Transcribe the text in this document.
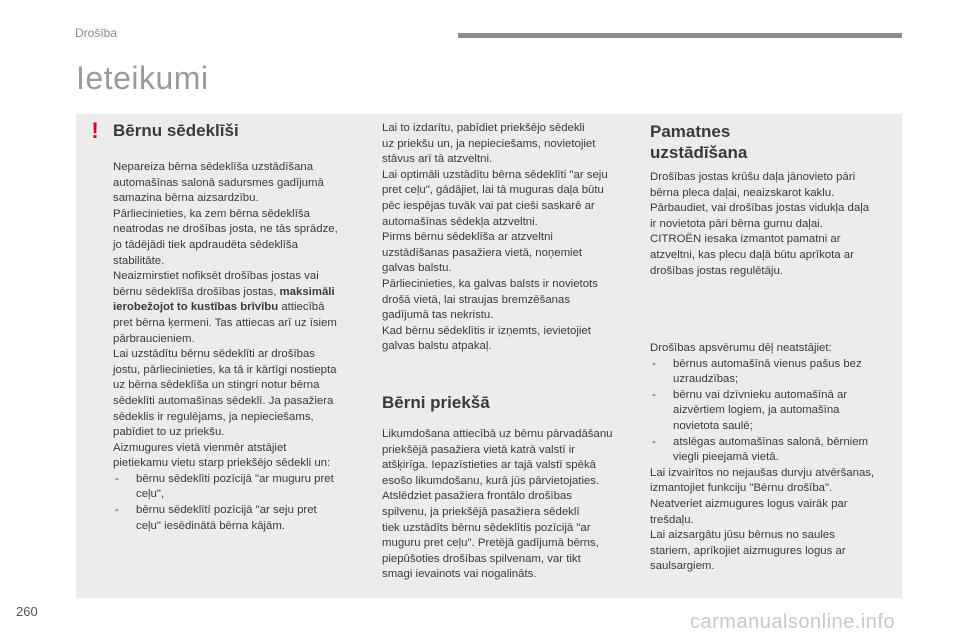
Drošība
Ieteikumi
! Bērnu sēdeklīši
Nepareiza bērna sēdeklīša uzstādīšana
automašīnas salonā sadursmes gadījumā
samazina bērna aizsardzību.
Pārliecinieties, ka zem bērna sēdeklīša
neatrodas ne drošības josta, ne tās sprādze,
jo tādējādi tiek apdraudēta sēdeklīša
stabilitāte.
Neaizmirstiet nofiksēt drošības jostas vai
bērnu sēdeklīša drošības jostas, maksimāli
ierobežojot to kustības brīvību attiecībā
pret bērna ķermeni. Tas attiecas arī uz īsiem
pārbraucieniem.
Lai uzstādītu bērnu sēdeklīti ar drošības
jostu, pārliecinieties, ka tā ir kārtīgi nostiepta
uz bērna sēdeklīša un stingri notur bērna
sēdeklīti automašīnas sēdeklī. Ja pasažiera
sēdeklis ir regulējams, ja nepieciešams,
pabīdiet to uz priekšu.
Aizmugures vietā vienmēr atstājiet
pietiekamu vietu starp priekšējo sēdekli un:
- bērnu sēdeklīti pozīcijā "ar muguru pret
ceļu",
- bērnu sēdeklītī pozīcijā "ar seju pret
ceļu" iesēdinātā bērna kājām.
Lai to izdarītu, pabīdiet priekšējo sēdekli
uz priekšu un, ja nepieciešams, novietojiet
stāvus arī tā atzveltni.
Lai optimāli uzstādītu bērna sēdeklīti "ar seju
pret ceļu", gādājiet, lai tā muguras daļa būtu
pēc iespējas tuvāk vai pat cieši saskarē ar
automašīnas sēdekļa atzveltni.
Pirms bērnu sēdeklīša ar atzveltni
uzstādīšanas pasažiera vietā, noņemiet
galvas balstu.
Pārliecinieties, ka galvas balsts ir novietots
drošā vietā, lai straujas bremzēšanas
gadījumā tas nekristu.
Kad bērnu sēdeklītis ir izņemts, ievietojiet
galvas balstu atpakaļ.
Bērni priekšā
Likumdošana attiecībā uz bērnu pārvadāšanu
priekšējā pasažiera vietā katrā valstī ir
atšķirīga. Iepazīstieties ar tajā valstī spēkā
esošo likumdošanu, kurā jūs pārvietojaties.
Atslēdziet pasažiera frontālo drošības
spilvenu, ja priekšējā pasažiera sēdeklī
tiek uzstādīts bērnu sēdeklītis pozīcijā "ar
muguru pret ceļu". Pretējā gadījumā bērns,
piepūšoties drošības spilvenam, var tikt
smagi ievainots vai nogalināts.
Pamatnes
uzstādīšana
Drošības jostas krūšu daļa jānovieto pāri
bērna pleca daļai, neaizskarot kaklu.
Pārbaudiet, vai drošības jostas vidukļa daļa
ir novietota pāri bērna gurnu daļai.
CITROËN iesaka izmantot pamatni ar
atzveltni, kas plecu daļā būtu aprīkota ar
drošības jostas regulētāju.
Drošības apsvērumu dēļ neatstājiet:
- bērnus automašīnā vienus pašus bez
uzraudzības;
- bērnu vai dzīvnieku automašīnā ar
aizvērtiem logiem, ja automašīna
novietota saulē;
- atslēgas automašīnas salonā, bērniem
viegli pieejamā vietā.
Lai izvairītos no nejaušas durvju atvēršanas,
izmantojiet funkciju "Bērnu drošība".
Neatveriet aizmugures logus vairāk par
trešdaļu.
Lai aizsargātu jūsu bērnus no saules
stariem, aprīkojiet aizmugures logus ar
saulsargiem.
260	carmanualsonline.info
